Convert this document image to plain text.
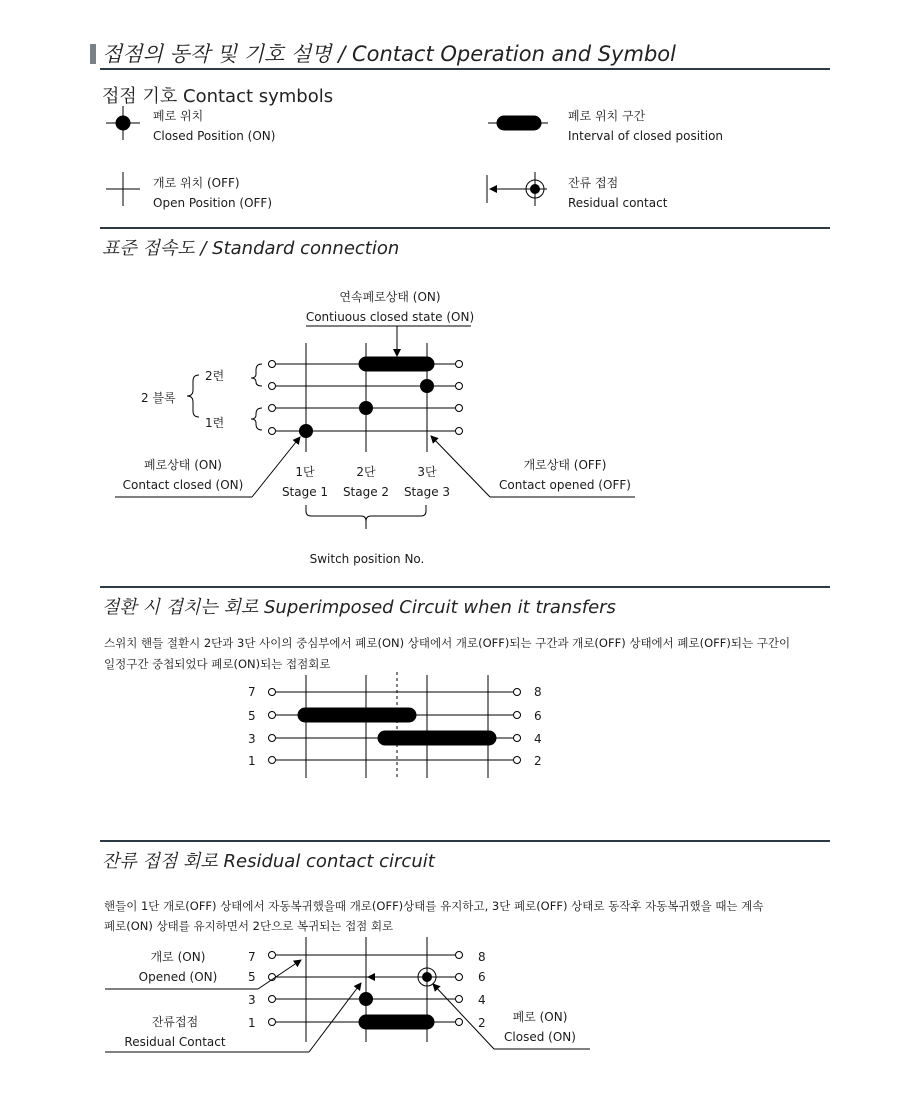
접점의 동작 및 기호 설명 / Contact Operation and Symbol
접점 기호 Contact symbols
폐로 위치
Closed Position (ON)
개로 위치 (OFF)
Open Position (OFF)
폐로 위치 구간
Interval of closed position
잔류 접점
Residual contact
표준 접속도 / Standard connection
연속폐로상태 (ON)
Contiuous closed state (ON)
2련
1련
2 블록
폐로상태 (ON)
Contact closed (ON)
개로상태 (OFF)
Contact opened (OFF)
1단
Stage 1
2단
Stage 2
3단
Stage 3
Switch position No.
절환 시 겹치는 회로 Superimposed Circuit when it transfers
스위치 핸들 절환시 2단과 3단 사이의 중심부에서 폐로(ON) 상태에서 개로(OFF)되는 구간과 개로(OFF) 상태에서 폐로(OFF)되는 구간이
일정구간 중첩되었다 폐로(ON)되는 접점회로
7
5
3
1
8
6
4
2
잔류 접점 회로 Residual contact circuit
핸들이 1단 개로(OFF) 상태에서 자동복귀했을때 개로(OFF)상태를 유지하고, 3단 폐로(OFF) 상태로 동작후 자동복귀했을 때는 계속
폐로(ON) 상태를 유지하면서 2단으로 복귀되는 접점 회로
7
5
3
1
8
6
4
2
개로 (ON)
Opened (ON)
잔류접점
Residual Contact
폐로 (ON)
Closed (ON)
